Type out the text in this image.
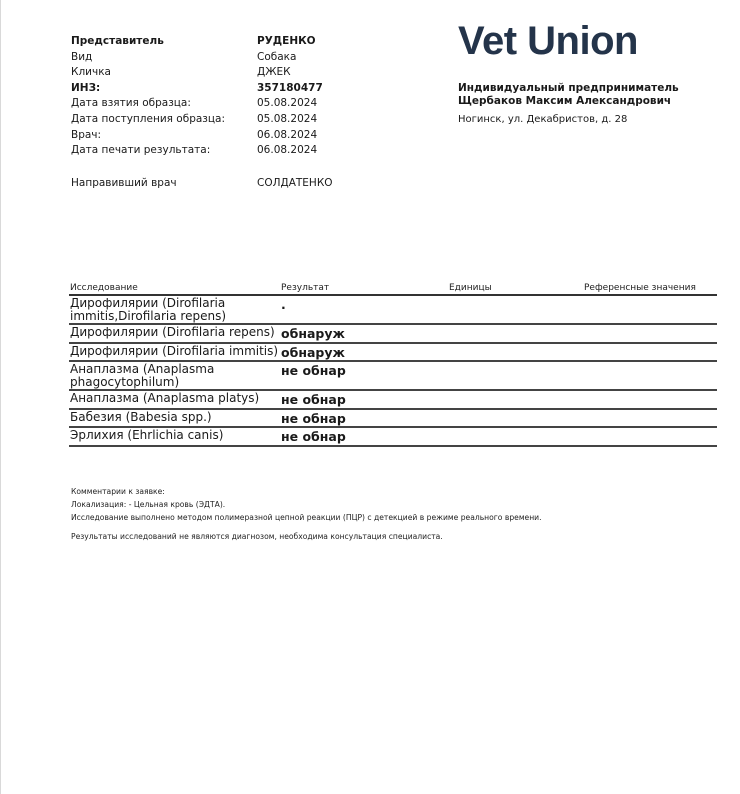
Представитель	РУДЕНКО
Вид	Собака
Кличка	ДЖЕК
ИНЗ:	357180477
Дата взятия образца:	05.08.2024
Дата поступления образца:	05.08.2024
Врач:	06.08.2024
Дата печати результата:	06.08.2024
Направивший врач	СОЛДАТЕНКО
Vet Union
Индивидуальный предприниматель
Щербаков Максим Александрович
Ногинск, ул. Декабристов, д. 28
Исследование	Результат	Единицы	Референсные значения
Дирофилярии (Dirofilaria immitis,Dirofilaria repens)	.		
Дирофилярии (Dirofilaria repens)	обнаруж		
Дирофилярии (Dirofilaria immitis)	обнаруж		
Анаплазма (Anaplasma phagocytophilum)	не обнар		
Анаплазма (Anaplasma platys)	не обнар		
Бабезия (Babesia spp.)	не обнар		
Эрлихия (Ehrlichia canis)	не обнар		
Комментарии к заявке:
Локализация: - Цельная кровь (ЭДТА).
Исследование выполнено методом полимеразной цепной реакции (ПЦР) с детекцией в режиме реального времени.
Результаты исследований не являются диагнозом, необходима консультация специалиста.
